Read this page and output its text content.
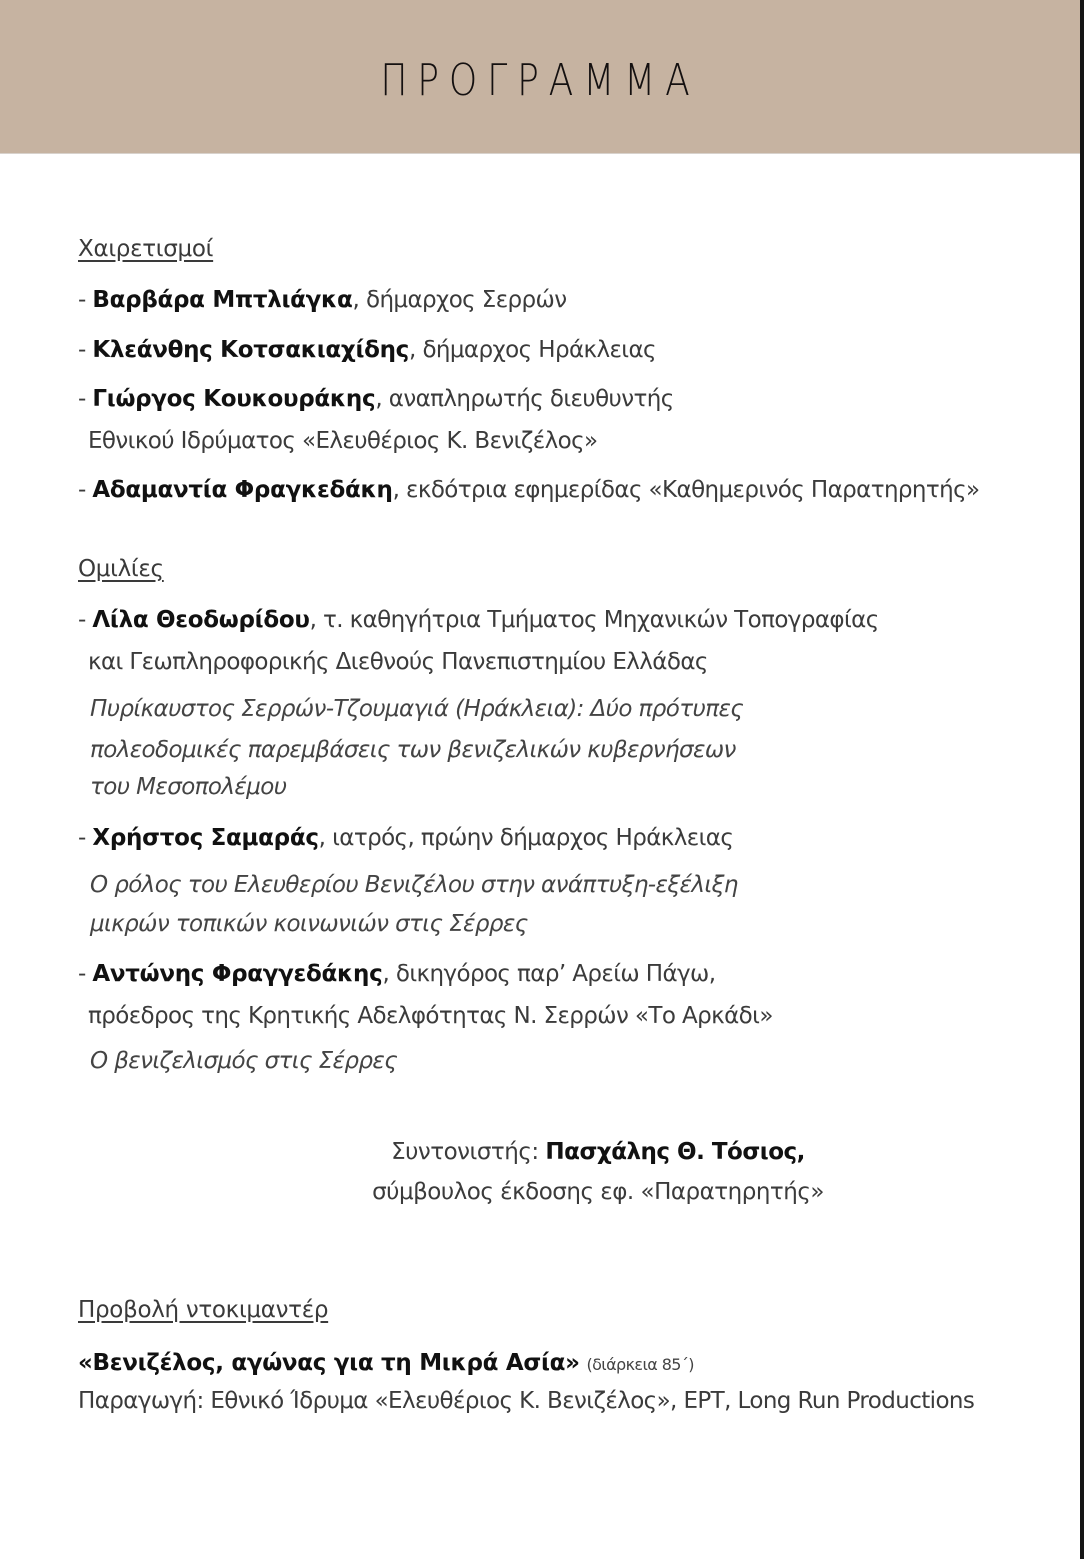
ΠΡΟΓΡΑΜΜΑ
Χαιρετισμοί
- Βαρβάρα Μπτλιάγκα, δήμαρχος Σερρών
- Κλεάνθης Κοτσακιαχίδης, δήμαρχος Ηράκλειας
- Γιώργος Κουκουράκης, αναπληρωτής διευθυντής
Εθνικού Ιδρύματος «Ελευθέριος Κ. Βενιζέλος»
- Αδαμαντία Φραγκεδάκη, εκδότρια εφημερίδας «Καθημερινός Παρατηρητής»
Ομιλίες
- Λίλα Θεοδωρίδου, τ. καθηγήτρια Τμήματος Μηχανικών Τοπογραφίας
και Γεωπληροφορικής Διεθνούς Πανεπιστημίου Ελλάδας
Πυρίκαυστος Σερρών-Τζουμαγιά (Ηράκλεια): Δύο πρότυπες
πολεοδομικές παρεμβάσεις των βενιζελικών κυβερνήσεων
του Μεσοπολέμου
- Χρήστος Σαμαράς, ιατρός, πρώην δήμαρχος Ηράκλειας
Ο ρόλος του Ελευθερίου Βενιζέλου στην ανάπτυξη-εξέλιξη
μικρών τοπικών κοινωνιών στις Σέρρες
- Αντώνης Φραγγεδάκης, δικηγόρος παρ’ Αρείω Πάγω,
πρόεδρος της Κρητικής Αδελφότητας Ν. Σερρών «Το Αρκάδι»
Ο βενιζελισμός στις Σέρρες
Συντονιστής: Πασχάλης Θ. Τόσιος,
σύμβουλος έκδοσης εφ. «Παρατηρητής»
Προβολή ντοκιμαντέρ
«Βενιζέλος, αγώνας για τη Μικρά Ασία» (διάρκεια 85΄)
Παραγωγή: Εθνικό Ίδρυμα «Ελευθέριος Κ. Βενιζέλος», ΕΡΤ, Long Run Productions
